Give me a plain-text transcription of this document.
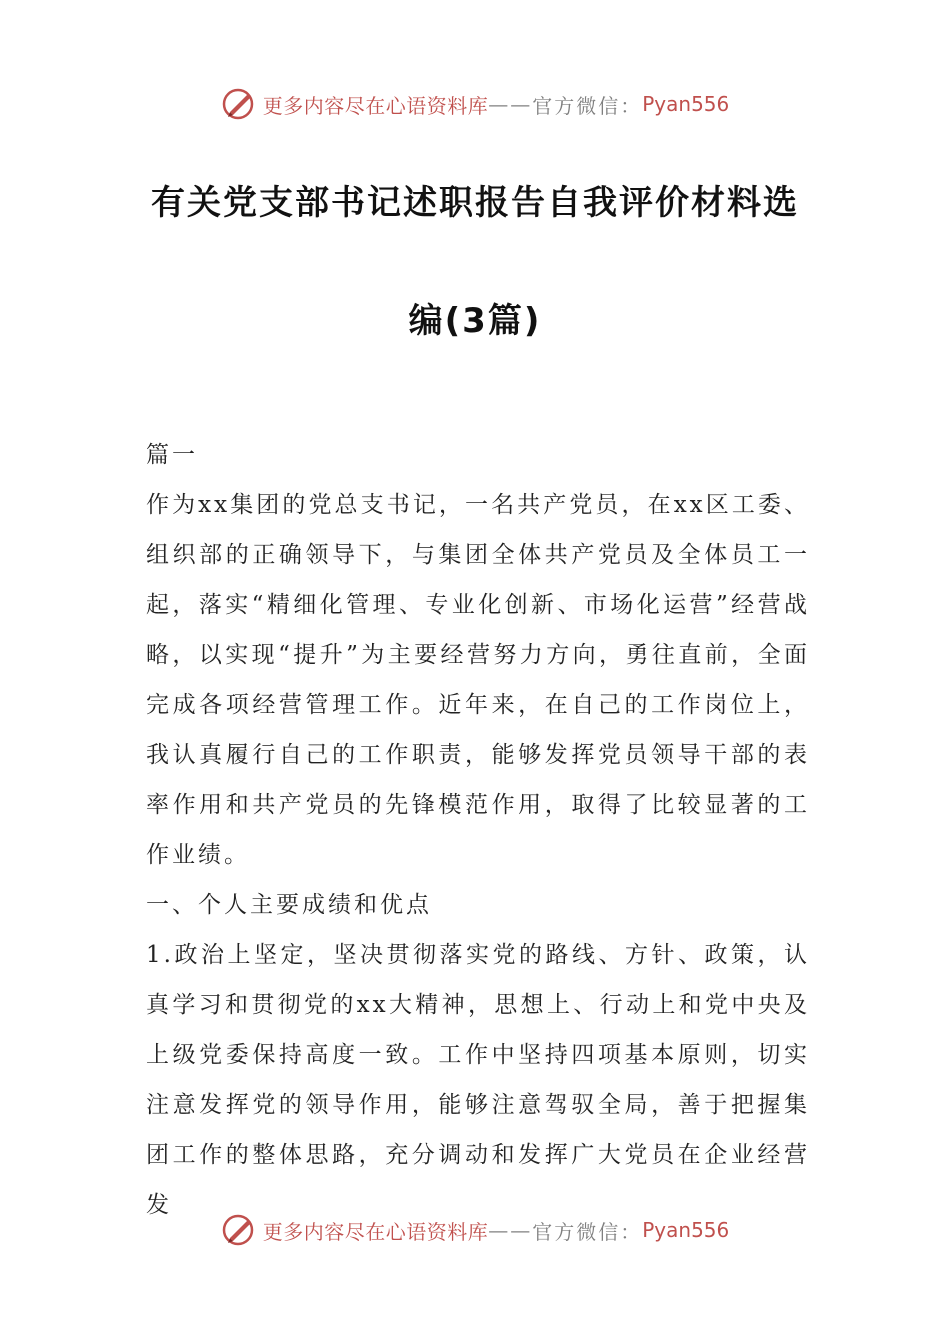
更多内容尽在心语资料库 —— 官方微信： Pyan556
有关党支部书记述职报告自我评价材料选
编(3篇)

篇一

作为xx集团的党总支书记，一名共产党员，在xx区工委、组织部的正确领导下，与集团全体共产党员及全体员工一起，落实“精细化管理、专业化创新、市场化运营”经营战略，以实现“提升”为主要经营努力方向，勇往直前，全面完成各项经营管理工作。近年来，在自己的工作岗位上，我认真履行自己的工作职责，能够发挥党员领导干部的表率作用和共产党员的先锋模范作用，取得了比较显著的工作业绩。

一、个人主要成绩和优点

1.政治上坚定，坚决贯彻落实党的路线、方针、政策，认真学习和贯彻党的xx大精神，思想上、行动上和党中央及上级党委保持高度一致。工作中坚持四项基本原则，切实注意发挥党的领导作用，能够注意驾驭全局，善于把握集团工作的整体思路，充分调动和发挥广大党员在企业经营发

更多内容尽在心语资料库 —— 官方微信： Pyan556
